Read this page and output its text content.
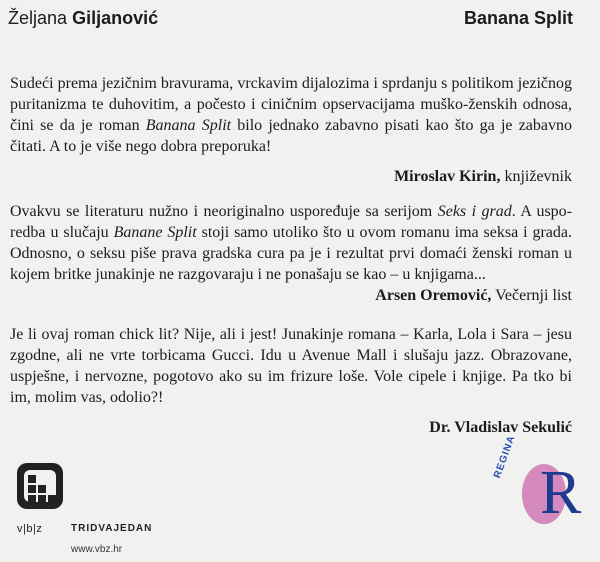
Željana Giljanović	Banana Split

Sudeći prema jezičnim bravurama, vrckavim dijalozima i sprdanju s politikom jezičnog puritanizma te duhovitim, a počesto i ciničnim opservacijama muško-ženskih odnosa, čini se da je roman Banana Split bilo jednako zabavno pisati kao što ga je zabavno čitati. A to je više nego dobra preporuka!

Miroslav Kirin, književnik

Ovakvu se literaturu nužno i neoriginalno uspoređuje sa serijom Seks i grad. A usporedba u slučaju Banane Split stoji samo utoliko što u ovom romanu ima seksa i grada. Odnosno, o seksu piše prava gradska cura pa je i rezultat prvi domaći ženski roman u kojem britke junakinje ne razgovaraju i ne ponašaju se kao – u knjigama...

Arsen Oremović, Večernji list

Je li ovaj roman chick lit? Nije, ali i jest! Junakinje romana – Karla, Lola i Sara – jesu zgodne, ali ne vrte torbicama Gucci. Idu u Avenue Mall i slušaju jazz. Obrazovane, uspješne, i nervozne, pogotovo ako su im frizure loše. Vole cipele i knjige. Pa tko bi im, molim vas, odolio?!

Dr. Vladislav Sekulić
v|b|z	TRIDVAJEDAN
www.vbz.hr
R
REGINA
